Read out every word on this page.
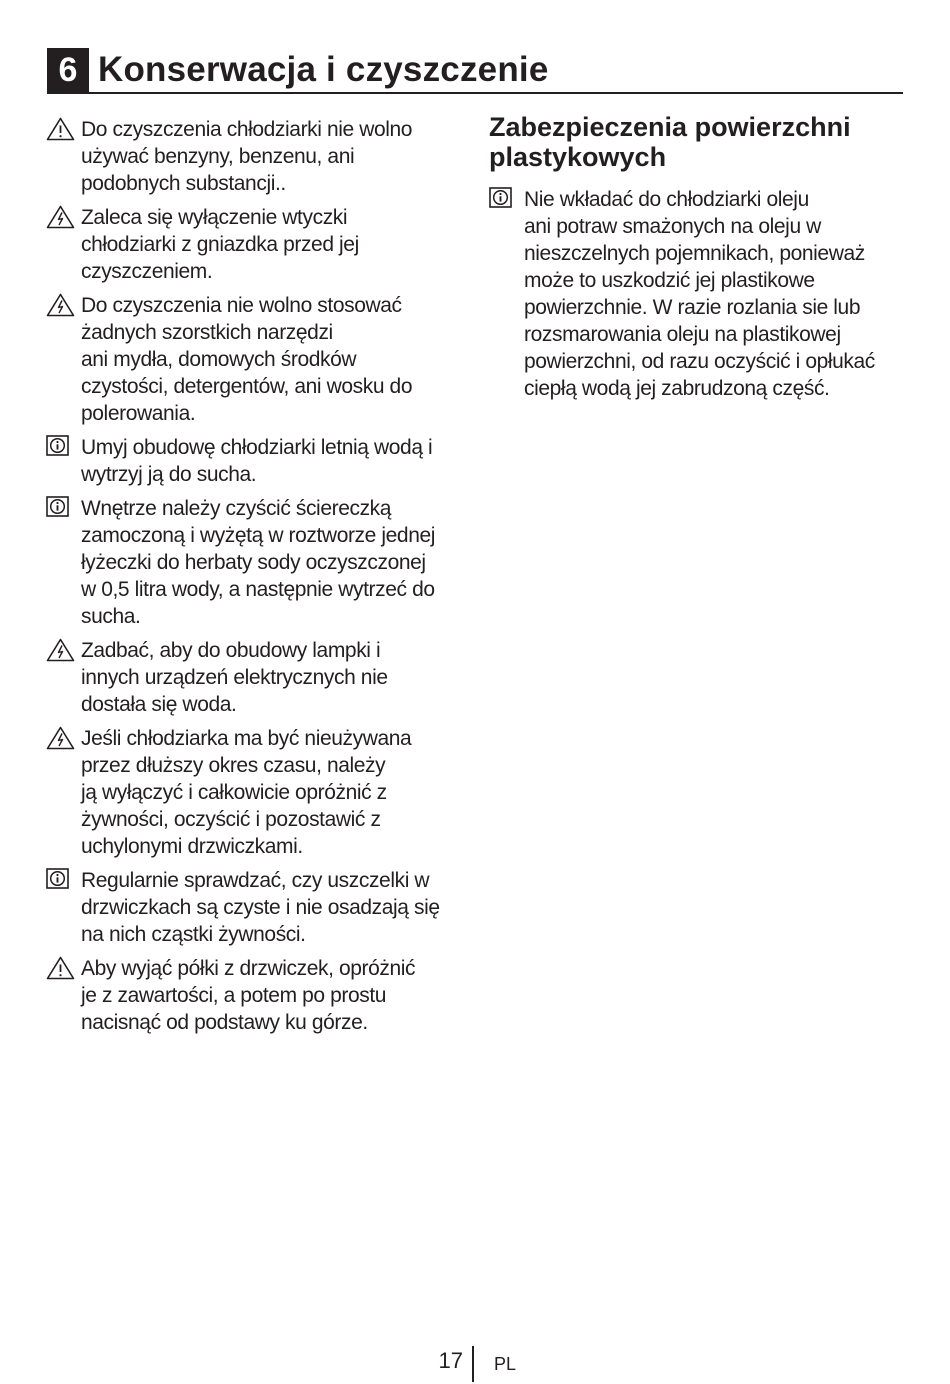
6 Konserwacja i czyszczenie
Do czyszczenia chłodziarki nie wolno
używać benzyny, benzenu, ani
podobnych substancji..
Zaleca się wyłączenie wtyczki
chłodziarki z gniazdka przed jej
czyszczeniem.
Do czyszczenia nie wolno stosować
żadnych szorstkich narzędzi
ani mydła, domowych środków
czystości, detergentów, ani wosku do
polerowania.
Umyj obudowę chłodziarki letnią wodą i
wytrzyj ją do sucha.
Wnętrze należy czyścić ściereczką
zamoczoną i wyżętą w roztworze jednej
łyżeczki do herbaty sody oczyszczonej
w 0,5 litra wody, a następnie wytrzeć do
sucha.
Zadbać, aby do obudowy lampki i
innych urządzeń elektrycznych nie
dostała się woda.
Jeśli chłodziarka ma być nieużywana
przez dłuższy okres czasu, należy
ją wyłączyć i całkowicie opróżnić z
żywności, oczyścić i pozostawić z
uchylonymi drzwiczkami.
Regularnie sprawdzać, czy uszczelki w
drzwiczkach są czyste i nie osadzają się
na nich cząstki żywności.
Aby wyjąć półki z drzwiczek, opróżnić
je z zawartości, a potem po prostu
nacisnąć od podstawy ku górze.
Zabezpieczenia powierzchni
plastykowych
Nie wkładać do chłodziarki oleju
ani potraw smażonych na oleju w
nieszczelnych pojemnikach, ponieważ
może to uszkodzić jej plastikowe
powierzchnie. W razie rozlania sie lub
rozsmarowania oleju na plastikowej
powierzchni, od razu oczyścić i opłukać
ciepłą wodą jej zabrudzoną część.
17 PL
